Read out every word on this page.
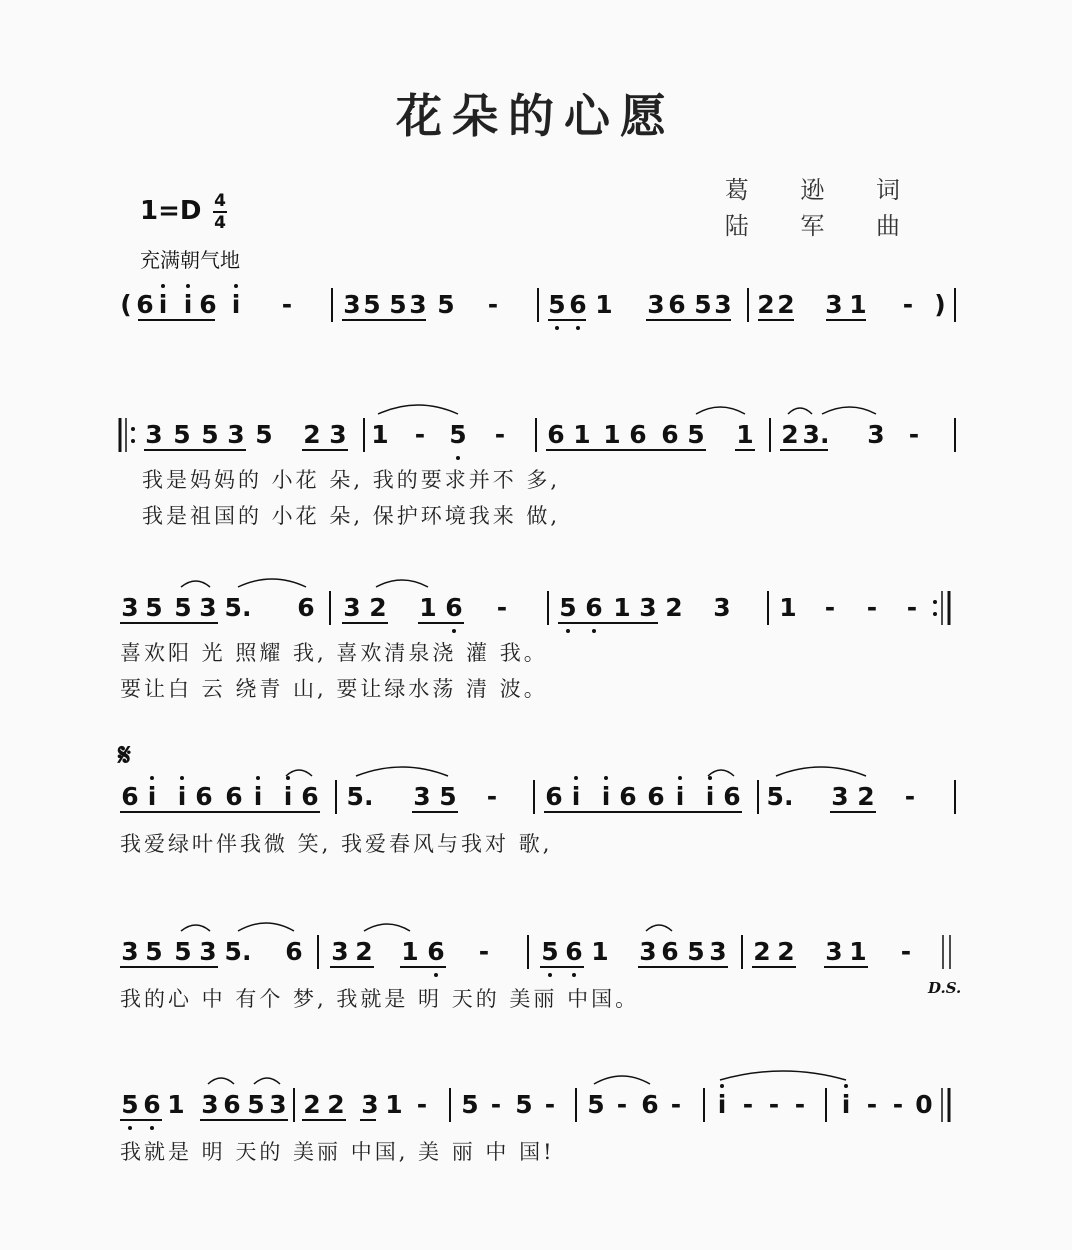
花朵的心愿
葛 逊 词
陆 军 曲
1=D 4
4
充满朝气地
( 6 i i 6 i - 3 5 5 3 5 - 5 6 1 3 6 5 3 2 2 3 1 - )
3 5 5 3 5 2 3 1 - 5 - 6 1 1 6 6 5 1 2 3. 3 -
我是妈妈的 小花 朵, 我的要求并不 多,
我是祖国的 小花 朵, 保护环境我来 做,
3 5 5 3 5. 6 3 2 1 6 - 5 6 1 3 2 3 1 - - -
喜欢阳 光 照耀 我, 喜欢清泉浇 灌 我。
要让白 云 绕青 山, 要让绿水荡 清 波。
𝄋
6 i i 6 6 i i 6 5. 3 5 - 6 i i 6 6 i i 6 5. 3 2 -
我爱绿叶伴我微 笑, 我爱春风与我对 歌,
3 5 5 3 5. 6 3 2 1 6 - 5 6 1 3 6 5 3 2 2 3 1 -
我的心 中 有个 梦, 我就是 明 天的 美丽 中国。	D.S.
5 6 1 3 6 5 3 2 2 3 1 - 5 - 5 - 5 - 6 - i - - - i - - 0
我就是 明 天的 美丽 中国, 美 丽 中 国!
